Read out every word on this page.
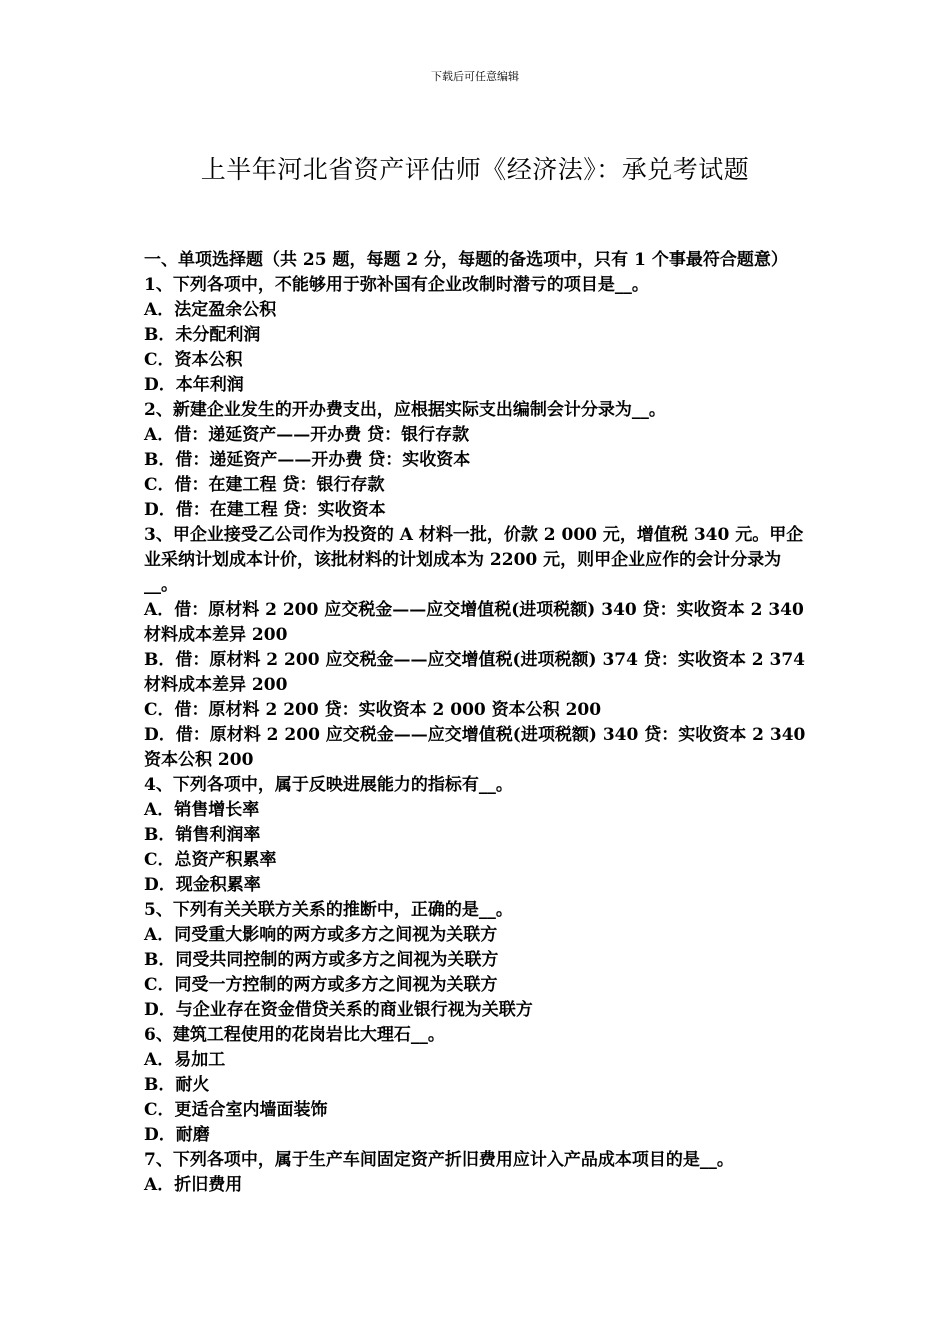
下载后可任意编辑
上半年河北省资产评估师《经济法》：承兑考试题

一、单项选择题（共 25 题，每题 2 分，每题的备选项中，只有 1 个事最符合题意）

1、下列各项中，不能够用于弥补国有企业改制时潜亏的项目是__。

A．法定盈余公积

B．未分配利润

C．资本公积

D．本年利润

2、新建企业发生的开办费支出，应根据实际支出编制会计分录为__。

A．借：递延资产——开办费 贷：银行存款

B．借：递延资产——开办费 贷：实收资本

C．借：在建工程 贷：银行存款

D．借：在建工程 贷：实收资本

3、甲企业接受乙公司作为投资的 A 材料一批，价款 2 000 元，增值税 340 元。甲企业采纳计划成本计价，该批材料的计划成本为 2200 元，则甲企业应作的会计分录为__。

A．借：原材料 2 200 应交税金——应交增值税(进项税额) 340 贷：实收资本 2 340 材料成本差异 200

B．借：原材料 2 200 应交税金——应交增值税(进项税额) 374 贷：实收资本 2 374 材料成本差异 200

C．借：原材料 2 200 贷：实收资本 2 000 资本公积 200

D．借：原材料 2 200 应交税金——应交增值税(进项税额) 340 贷：实收资本 2 340 资本公积 200

4、下列各项中，属于反映进展能力的指标有__。

A．销售增长率

B．销售利润率

C．总资产积累率

D．现金积累率

5、下列有关关联方关系的推断中，正确的是__。

A．同受重大影响的两方或多方之间视为关联方

B．同受共同控制的两方或多方之间视为关联方

C．同受一方控制的两方或多方之间视为关联方

D．与企业存在资金借贷关系的商业银行视为关联方

6、建筑工程使用的花岗岩比大理石__。

A．易加工

B．耐火

C．更适合室内墙面装饰

D．耐磨

7、下列各项中，属于生产车间固定资产折旧费用应计入产品成本项目的是__。

A．折旧费用
